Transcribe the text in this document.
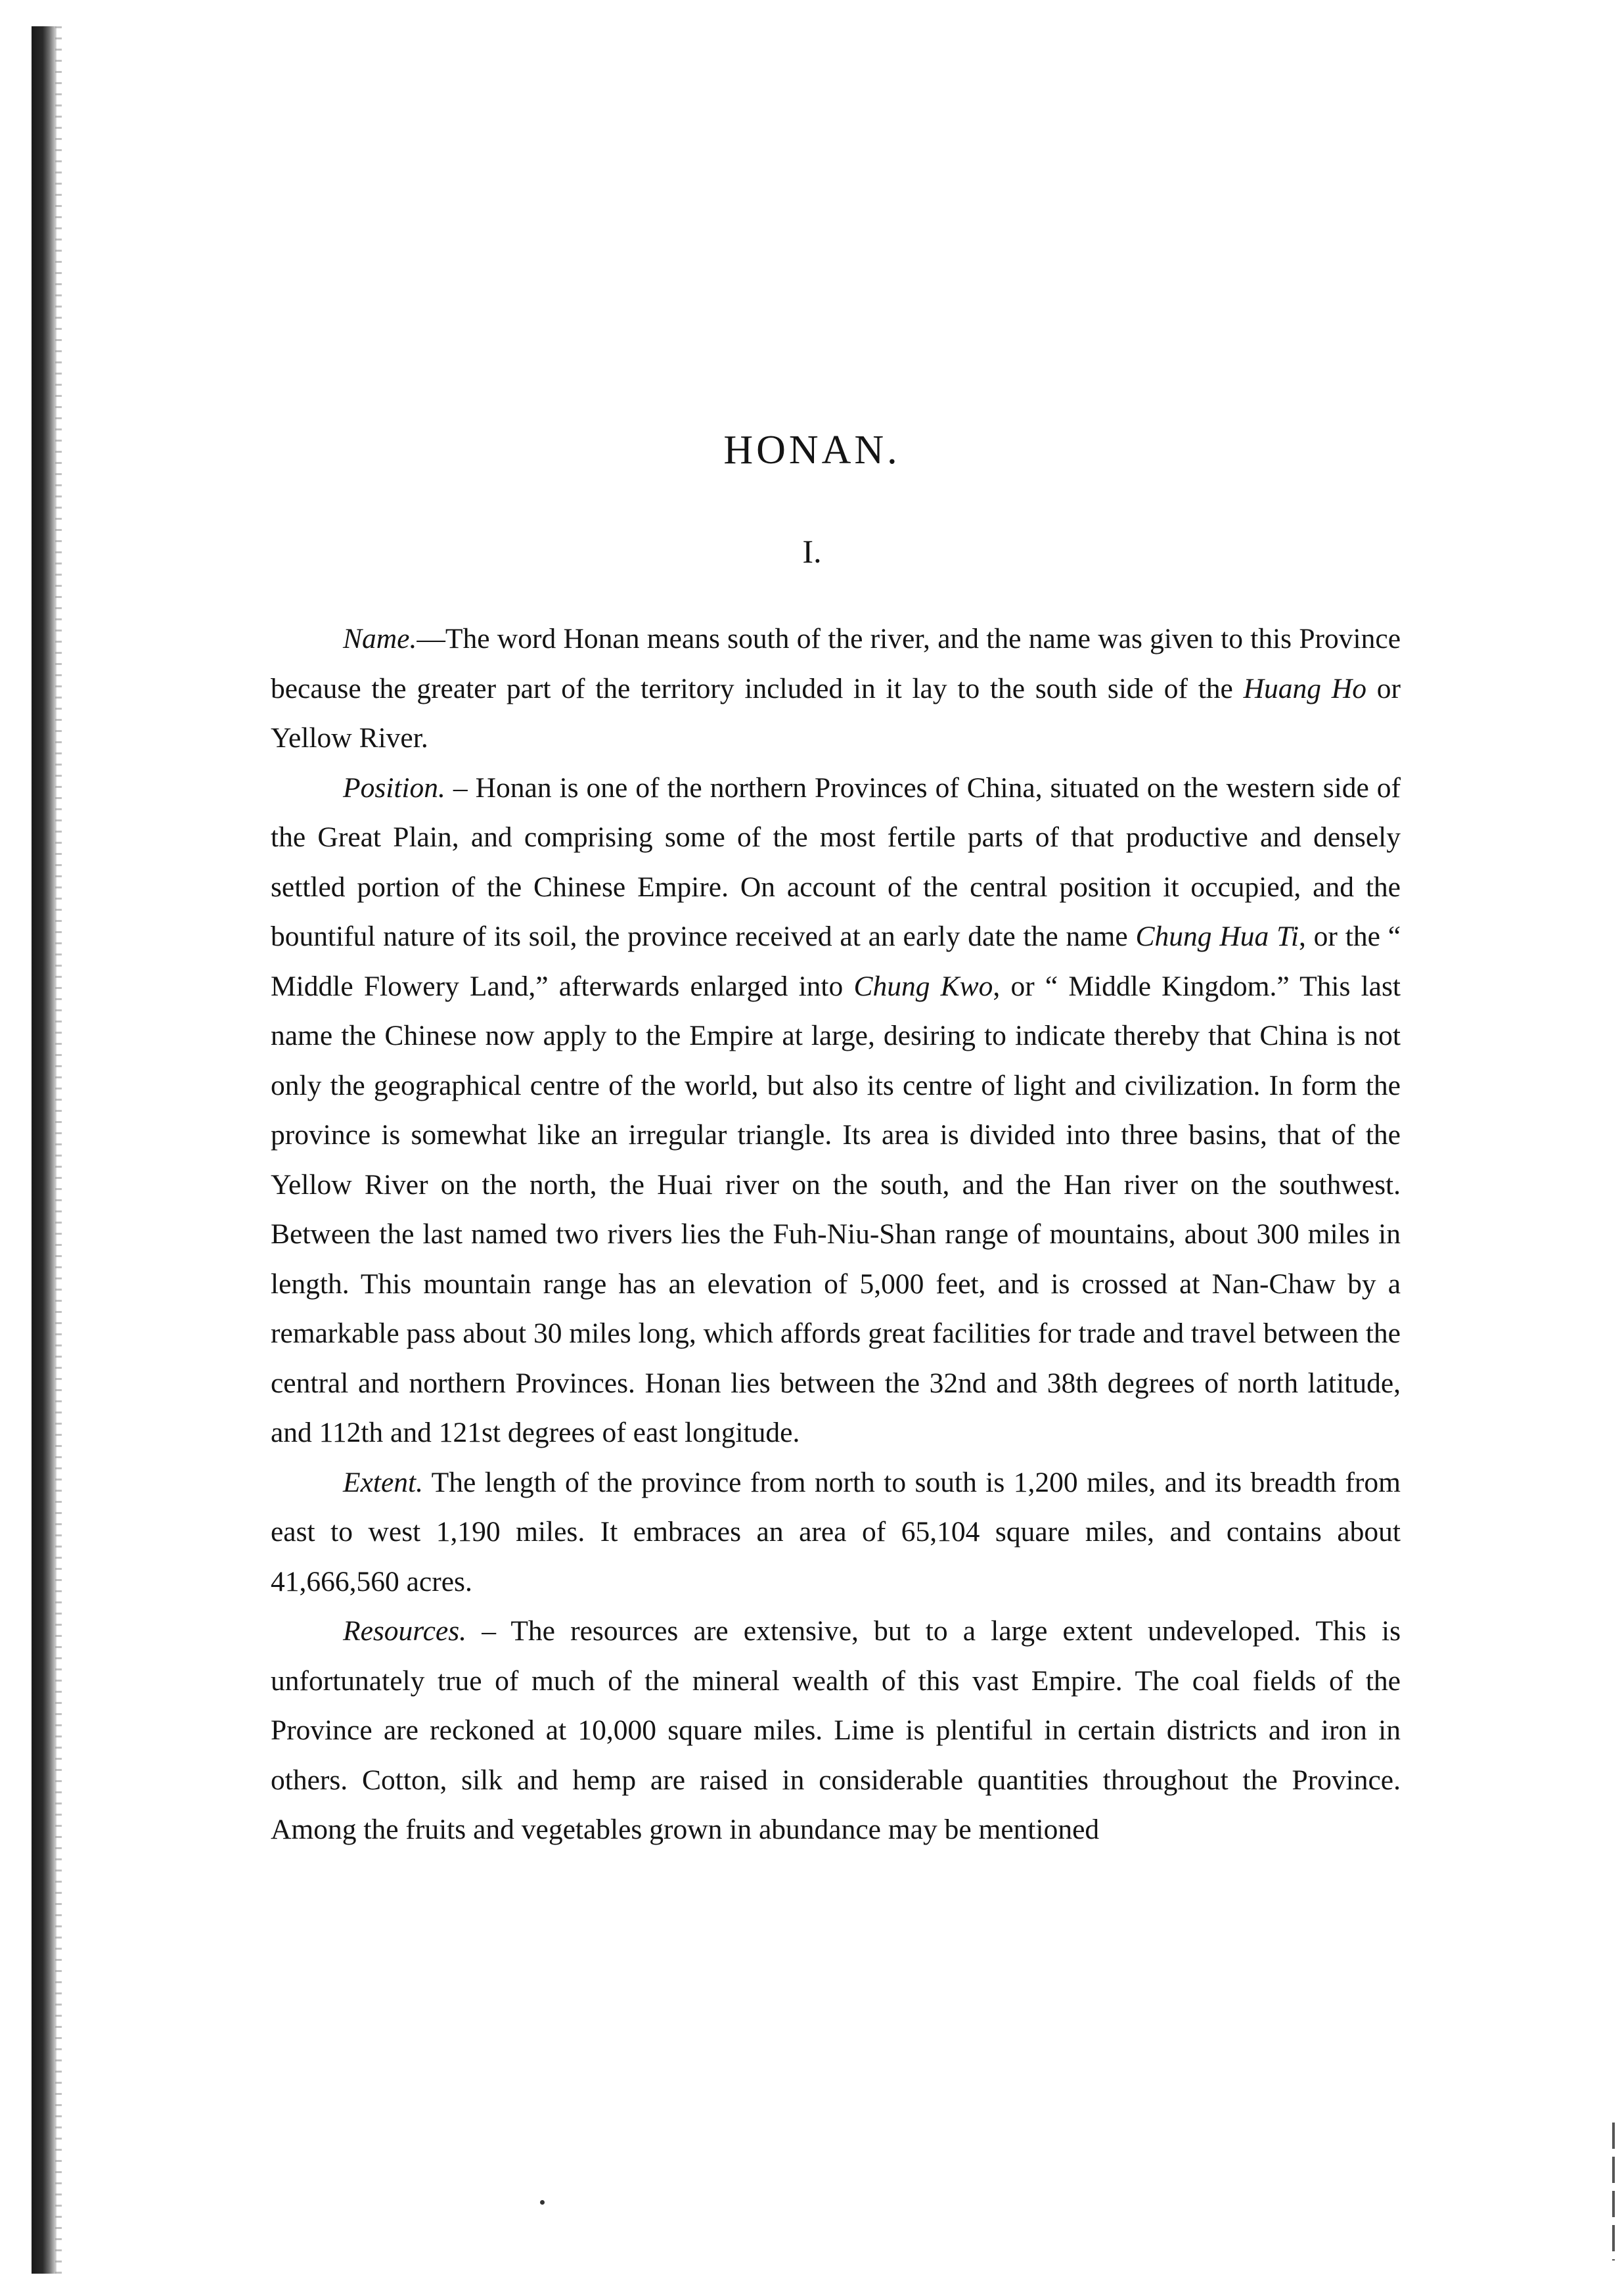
HONAN.
I.

Name.—The word Honan means south of the river, and the name was given to this Province because the greater part of the territory included in it lay to the south side of the Huang Ho or Yellow River.

Position. – Honan is one of the northern Provinces of China, situated on the western side of the Great Plain, and comprising some of the most fertile parts of that productive and densely settled portion of the Chinese Empire. On account of the central position it occupied, and the bountiful nature of its soil, the province received at an early date the name Chung Hua Ti, or the “ Middle Flowery Land,” afterwards enlarged into Chung Kwo, or “ Middle Kingdom.” This last name the Chinese now apply to the Empire at large, desiring to indicate thereby that China is not only the geographical centre of the world, but also its centre of light and civilization. In form the province is somewhat like an irregular triangle. Its area is divided into three basins, that of the Yellow River on the north, the Huai river on the south, and the Han river on the southwest. Between the last named two rivers lies the Fuh-Niu-Shan range of mountains, about 300 miles in length. This mountain range has an elevation of 5,000 feet, and is crossed at Nan-Chaw by a remarkable pass about 30 miles long, which affords great facilities for trade and travel between the central and northern Provinces. Honan lies between the 32nd and 38th degrees of north latitude, and 112th and 121st degrees of east longitude.

Extent. The length of the province from north to south is 1,200 miles, and its breadth from east to west 1,190 miles. It embraces an area of 65,104 square miles, and contains about 41,666,560 acres.

Resources. – The resources are extensive, but to a large extent undeveloped. This is unfortunately true of much of the mineral wealth of this vast Empire. The coal fields of the Province are reckoned at 10,000 square miles. Lime is plentiful in certain districts and iron in others. Cotton, silk and hemp are raised in considerable quantities throughout the Province. Among the fruits and vegetables grown in abundance may be mentioned
